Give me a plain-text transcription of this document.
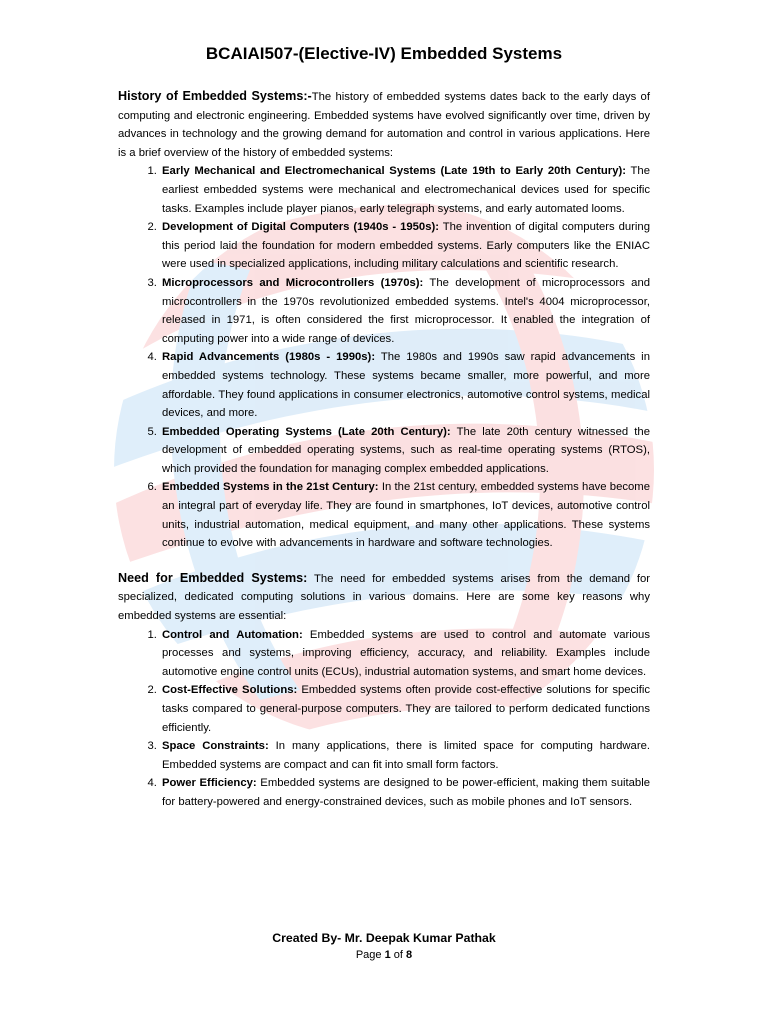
BCAIAI507-(Elective-IV) Embedded Systems

History of Embedded Systems:-The history of embedded systems dates back to the early days of computing and electronic engineering. Embedded systems have evolved significantly over time, driven by advances in technology and the growing demand for automation and control in various applications. Here is a brief overview of the history of embedded systems:

1. Early Mechanical and Electromechanical Systems (Late 19th to Early 20th Century): The earliest embedded systems were mechanical and electromechanical devices used for specific tasks. Examples include player pianos, early telegraph systems, and early automated looms.
2. Development of Digital Computers (1940s - 1950s): The invention of digital computers during this period laid the foundation for modern embedded systems. Early computers like the ENIAC were used in specialized applications, including military calculations and scientific research.
3. Microprocessors and Microcontrollers (1970s): The development of microprocessors and microcontrollers in the 1970s revolutionized embedded systems. Intel's 4004 microprocessor, released in 1971, is often considered the first microprocessor. It enabled the integration of computing power into a wide range of devices.
4. Rapid Advancements (1980s - 1990s): The 1980s and 1990s saw rapid advancements in embedded systems technology. These systems became smaller, more powerful, and more affordable. They found applications in consumer electronics, automotive control systems, medical devices, and more.
5. Embedded Operating Systems (Late 20th Century): The late 20th century witnessed the development of embedded operating systems, such as real-time operating systems (RTOS), which provided the foundation for managing complex embedded applications.
6. Embedded Systems in the 21st Century: In the 21st century, embedded systems have become an integral part of everyday life. They are found in smartphones, IoT devices, automotive control units, industrial automation, medical equipment, and many other applications. These systems continue to evolve with advancements in hardware and software technologies.

Need for Embedded Systems: The need for embedded systems arises from the demand for specialized, dedicated computing solutions in various domains. Here are some key reasons why embedded systems are essential:

1. Control and Automation: Embedded systems are used to control and automate various processes and systems, improving efficiency, accuracy, and reliability. Examples include automotive engine control units (ECUs), industrial automation systems, and smart home devices.
2. Cost-Effective Solutions: Embedded systems often provide cost-effective solutions for specific tasks compared to general-purpose computers. They are tailored to perform dedicated functions efficiently.
3. Space Constraints: In many applications, there is limited space for computing hardware. Embedded systems are compact and can fit into small form factors.
4. Power Efficiency: Embedded systems are designed to be power-efficient, making them suitable for battery-powered and energy-constrained devices, such as mobile phones and IoT sensors.
Created By- Mr. Deepak Kumar Pathak
Page 1 of 8
